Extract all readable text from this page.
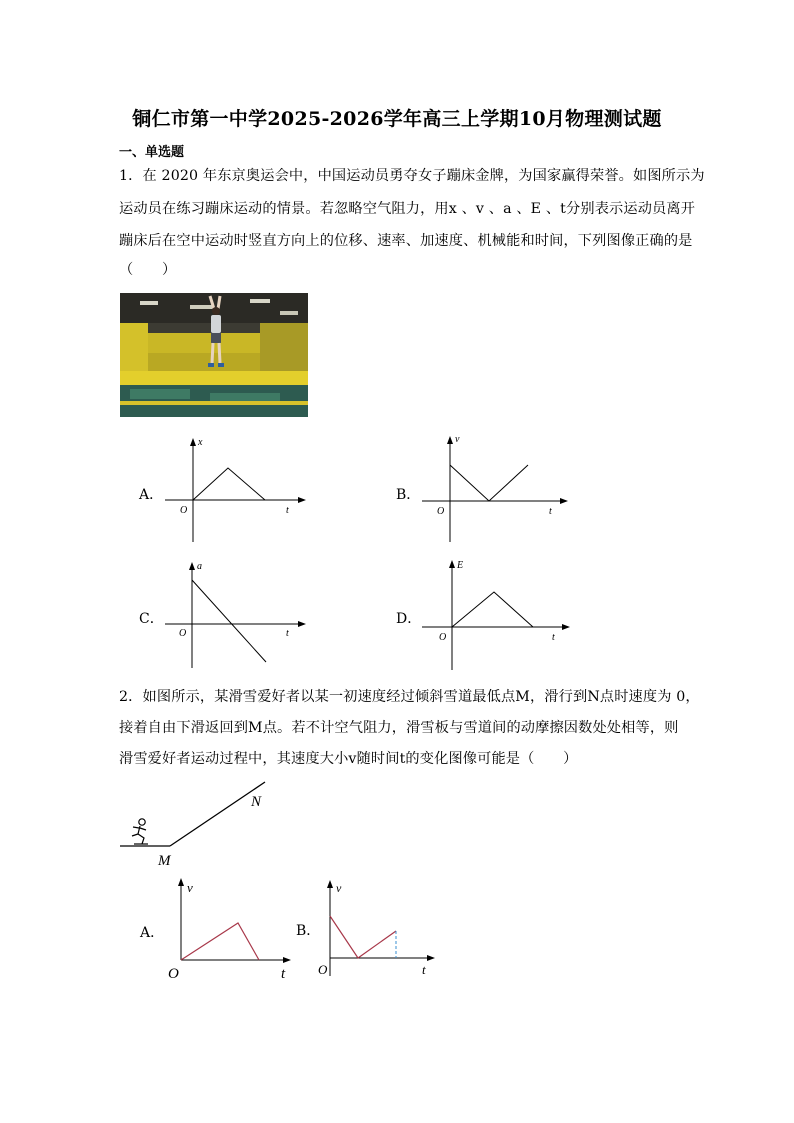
铜仁市第一中学2025-2026学年高三上学期10月物理测试题
一、单选题
1．在 2020 年东京奥运会中，中国运动员勇夺女子蹦床金牌，为国家赢得荣誉。如图所示为
运动员在练习蹦床运动的情景。若忽略空气阻力，用x 、v 、a 、E 、t分别表示运动员离开
蹦床后在空中运动时竖直方向上的位移、速率、加速度、机械能和时间，下列图像正确的是
（　　）
A．
x
t
O
B．
v
t
O
C．
a
t
O
D．
E
t
O
2．如图所示，某滑雪爱好者以某一初速度经过倾斜雪道最低点M，滑行到N点时速度为 0，
接着自由下滑返回到M点。若不计空气阻力，滑雪板与雪道间的动摩擦因数处处相等，则
滑雪爱好者运动过程中，其速度大小v随时间t的变化图像可能是（　　）
N
M
A．
v
t
O
B．
v
t
O
